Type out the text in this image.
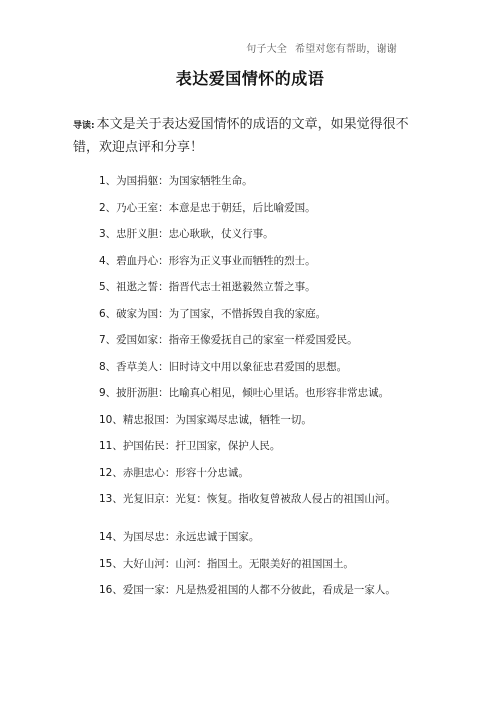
句子大全 希望对您有帮助，谢谢
表达爱国情怀的成语
导读: 本文是关于表达爱国情怀的成语的文章，如果觉得很不错，欢迎点评和分享！
1、为国捐躯：为国家牺牲生命。
2、乃心王室：本意是忠于朝廷，后比喻爱国。
3、忠肝义胆：忠心耿耿，仗义行事。
4、碧血丹心：形容为正义事业而牺牲的烈士。
5、祖逖之誓：指晋代志士祖逖毅然立誓之事。
6、破家为国：为了国家，不惜拆毁自我的家庭。
7、爱国如家：指帝王像爱抚自己的家室一样爱国爱民。
8、香草美人：旧时诗文中用以象征忠君爱国的思想。
9、披肝沥胆：比喻真心相见，倾吐心里话。也形容非常忠诚。
10、精忠报国：为国家竭尽忠诚，牺牲一切。
11、护国佑民：扞卫国家，保护人民。
12、赤胆忠心：形容十分忠诚。
13、光复旧京：光复：恢复。指收复曾被敌人侵占的祖国山河。
14、为国尽忠：永远忠诚于国家。
15、大好山河：山河：指国土。无限美好的祖国国土。
16、爱国一家：凡是热爱祖国的人都不分彼此，看成是一家人。
